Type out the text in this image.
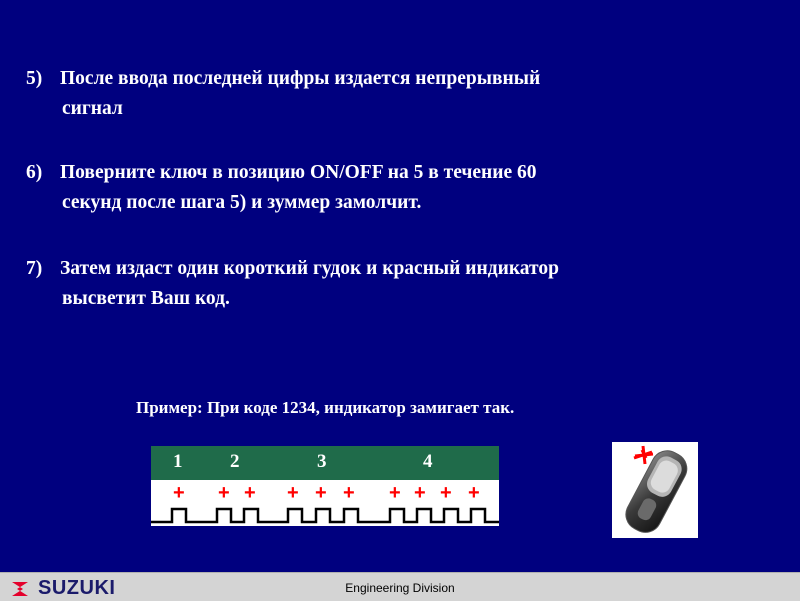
5) После ввода последней цифры издается непрерывный
сигнал

6) Поверните ключ в позицию ON/OFF на 5 в течение 60
секунд после шага 5) и зуммер замолчит.

7) Затем издаст один короткий гудок и красный индикатор
высветит Ваш код.

Пример: При коде 1234, индикатор замигает так.
1	2	3	4
+ + + + + + + + + +
SUZUKI	Engineering Division
